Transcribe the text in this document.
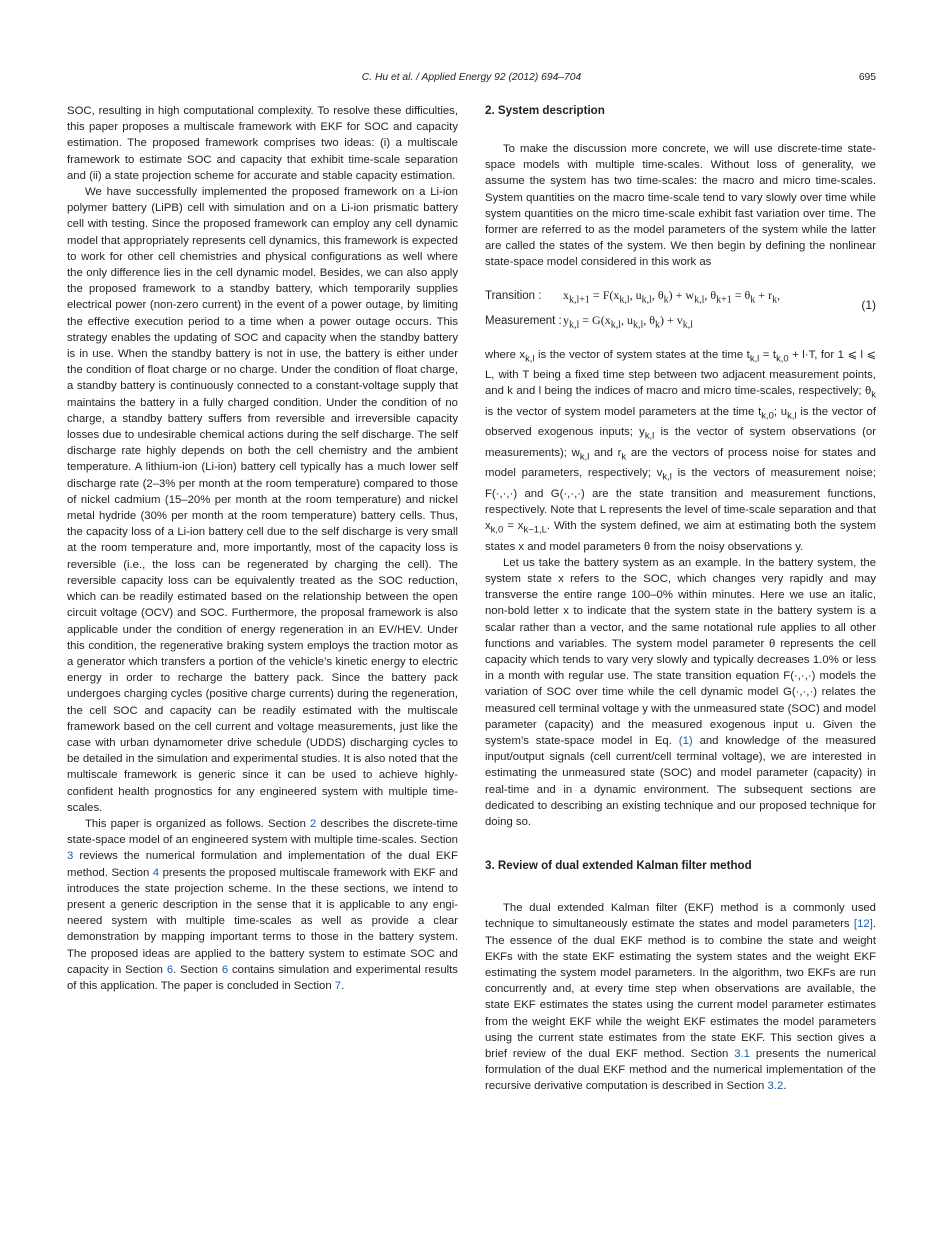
C. Hu et al. / Applied Energy 92 (2012) 694–704	695

SOC, resulting in high computational complexity. To resolve these difficulties, this paper proposes a multiscale framework with EKF for SOC and capacity estimation. The proposed framework comprises two ideas: (i) a multiscale framework to estimate SOC and capacity that exhibit time-scale separation and (ii) a state projection scheme for accurate and stable capacity estimation.

We have successfully implemented the proposed framework on a Li-ion polymer battery (LiPB) cell with simulation and on a Li-ion prismatic battery cell with testing. Since the proposed framework can employ any cell dynamic model that appropriately represents cell dynamics, this framework is expected to work for other cell chemistries and physical configurations as well where the only difference lies in the cell dynamic model. Besides, we can also apply the proposed framework to a standby battery, which temporarily supplies electrical power (non-zero current) in the event of a power outage, by limiting the effective execution period to a time when a power outage occurs. This strategy enables the updating of SOC and capacity when the standby battery is in use. When the standby battery is not in use, the battery is either under the condition of float charge or no charge. Under the condition of float charge, a standby battery is continuously connected to a constant-voltage supply that maintains the battery in a fully charged condition. Under the condition of no charge, a standby battery suffers from reversible and irreversible capacity losses due to undesirable chemical actions during the self discharge. The self discharge rate highly depends on both the cell chemistry and the ambient temperature. A lithium-ion (Li-ion) battery cell typically has a much lower self discharge rate (2–3% per month at the room temperature) compared to those of nickel cadmium (15–20% per month at the room temperature) and nickel metal hydride (30% per month at the room temperature) battery cells. Thus, the capacity loss of a Li-ion battery cell due to the self discharge is very small at the room temperature and, more importantly, most of the capacity loss is reversible (i.e., the loss can be regenerated by charging the cell). The reversible capacity loss can be equivalently treated as the SOC reduction, which can be readily estimated based on the relationship between the open circuit voltage (OCV) and SOC. Furthermore, the proposal framework is also applicable under the condition of energy regeneration in an EV/HEV. Under this condition, the regenerative braking system employs the traction motor as a generator which transfers a portion of the vehicle’s kinetic energy to electric energy in order to recharge the battery pack. Since the battery pack undergoes charging cycles (positive charge currents) during the regeneration, the cell SOC and capacity can be readily estimated with the multiscale framework based on the cell current and voltage measurements, just like the case with urban dynamometer drive schedule (UDDS) discharging cycles to be detailed in the simulation and experimental studies. It is also noted that the multiscale framework is generic since it can be used to achieve highly-confident health prognostics for any engineered system with multiple time-scales.

This paper is organized as follows. Section 2 describes the discrete-time state-space model of an engineered system with multiple time-scales. Section 3 reviews the numerical formulation and implementation of the dual EKF method. Section 4 presents the proposed multiscale framework with EKF and introduces the state projection scheme. In the these sections, we intend to present a generic description in the sense that it is applicable to any engineered system with multiple time-scales as well as provide a clear demonstration by mapping important terms to those in the battery system. The proposed ideas are applied to the battery system to estimate SOC and capacity in Section 6. Section 6 contains simulation and experimental results of this application. The paper is concluded in Section 7.

2. System description

To make the discussion more concrete, we will use discrete-time state-space models with multiple time-scales. Without loss of generality, we assume the system has two time-scales: the macro and micro time-scales. System quantities on the macro time-scale tend to vary slowly over time while system quantities on the micro time-scale exhibit fast variation over time. The former are referred to as the model parameters of the system while the latter are called the states of the system. We then begin by defining the nonlinear state-space model considered in this work as

Transition : $x_{k,l+1} = F(x_{k,l}$, $u_{k,l}$, $\theta_k) + w_{k,l}$, $\theta_{k+1} = \theta_k + r_k$,
Measurement $:y_{k,l} = G(x_{k,l}$, $u_{k,l}$, $\theta_k) + v_{k,l}$
(1)

where $x_{k,l}$ is the vector of system states at the time $t_{k,l} = t_{k,0} + l\cdot T$, for 1 ⩽ l ⩽ L, with T being a fixed time step between two adjacent measurement points, and k and l being the indices of macro and micro time-scales, respectively; $\theta_k$ is the vector of system model parameters at the time $t_{k,0}$; $u_{k,l}$ is the vector of observed exogenous inputs; $y_{k,l}$ is the vector of system observations (or measurements); $w_{k,l}$ and $r_k$ are the vectors of process noise for states and model parameters, respectively; $v_{k,l}$ is the vectors of measurement noise; F(·,·,·) and G(·,·,·) are the state transition and measurement functions, respectively. Note that L represents the level of time-scale separation and that $x_{k,0} = x_{k-1,L}$. With the system defined, we aim at estimating both the system states x and model parameters θ from the noisy observations y.

Let us take the battery system as an example. In the battery system, the system state x refers to the SOC, which changes very rapidly and may transverse the entire range 100–0% within minutes. Here we use an italic, non-bold letter x to indicate that the system state in the battery system is a scalar rather than a vector, and the same notational rule applies to all other functions and variables. The system model parameter θ represents the cell capacity which tends to vary very slowly and typically decreases 1.0% or less in a month with regular use. The state transition equation F(·,·,·) models the variation of SOC over time while the cell dynamic model G(·,·,·) relates the measured cell terminal voltage y with the unmeasured state (SOC) and model parameter (capacity) and the measured exogenous input u. Given the system’s state-space model in Eq. (1) and knowledge of the measured input/output signals (cell current/cell terminal voltage), we are interested in estimating the unmeasured state (SOC) and model parameter (capacity) in real-time and in a dynamic environment. The subsequent sections are dedicated to describing an existing technique and our proposed technique for doing so.

3. Review of dual extended Kalman filter method

The dual extended Kalman filter (EKF) method is a commonly used technique to simultaneously estimate the states and model parameters [12]. The essence of the dual EKF method is to combine the state and weight EKFs with the state EKF estimating the system states and the weight EKF estimating the system model parameters. In the algorithm, two EKFs are run concurrently and, at every time step when observations are available, the state EKF estimates the states using the current model parameter estimates from the weight EKF while the weight EKF estimates the model parameters using the current state estimates from the state EKF. This section gives a brief review of the dual EKF method. Section 3.1 presents the numerical formulation of the dual EKF method and the numerical implementation of the recursive derivative computation is described in Section 3.2.
